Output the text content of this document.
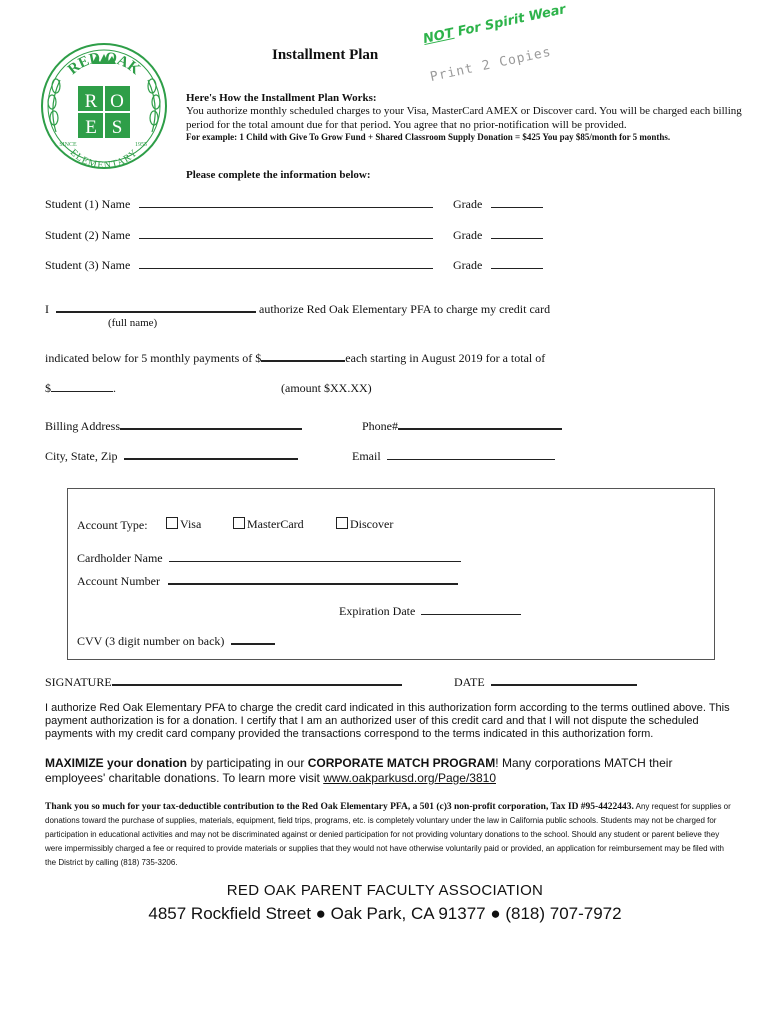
RED OAK
R O
E S
ELEMENTARY
SINCE	1955
Installment Plan
NOT For Spirit Wear
Print 2 Copies
Here's How the Installment Plan Works:
You authorize monthly scheduled charges to your Visa, MasterCard AMEX or Discover card. You will be charged each billing period for the total amount due for that period. You agree that no prior-notification will be provided.
For example: 1 Child with Give To Grow Fund + Shared Classroom Supply Donation = $425 You pay $85/month for 5 months.
Please complete the information below:
Student (1) Name	Grade
Student (2) Name	Grade
Student (3) Name	Grade
I	authorize Red Oak Elementary PFA to charge my credit card
(full name)
indicated below for 5 monthly payments of $	each starting in August 2019 for a total of
$	.	(amount $XX.XX)
Billing Address	Phone#
City, State, Zip	Email
Account Type:	Visa	MasterCard	Discover
Cardholder Name
Account Number
Expiration Date
CVV (3 digit number on back)
SIGNATURE	DATE
I authorize Red Oak Elementary PFA to charge the credit card indicated in this authorization form according to the terms outlined above. This payment authorization is for a donation. I certify that I am an authorized user of this credit card and that I will not dispute the scheduled payments with my credit card company provided the transactions correspond to the terms indicated in this authorization form.
MAXIMIZE your donation by participating in our CORPORATE MATCH PROGRAM! Many corporations MATCH their employees' charitable donations. To learn more visit www.oakparkusd.org/Page/3810
Thank you so much for your tax-deductible contribution to the Red Oak Elementary PFA, a 501 (c)3 non-profit corporation, Tax ID #95-4422443. Any request for supplies or donations toward the purchase of supplies, materials, equipment, field trips, programs, etc. is completely voluntary under the law in California public schools. Students may not be charged for participation in educational activities and may not be discriminated against or denied participation for not providing voluntary donations to the school. Should any student or parent believe they were impermissibly charged a fee or required to provide materials or supplies that they would not have otherwise voluntarily paid or provided, an application for reimbursement may be filed with the District by calling (818) 735-3206.
RED OAK PARENT FACULTY ASSOCIATION
4857 Rockfield Street ● Oak Park, CA 91377 ● (818) 707-7972
